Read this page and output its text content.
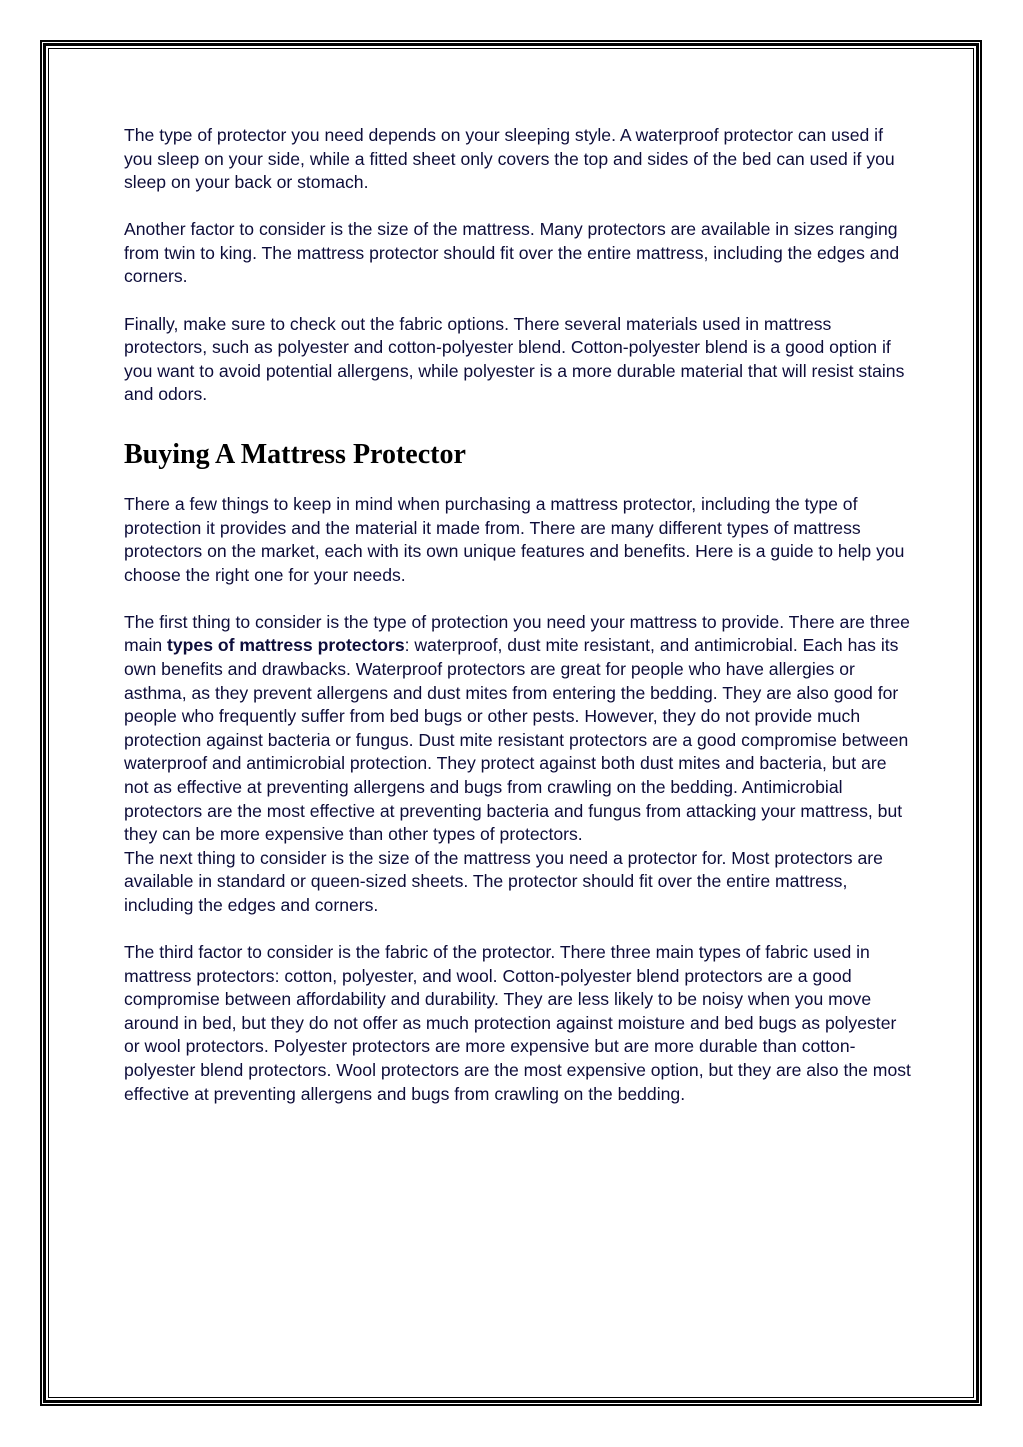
The type of protector you need depends on your sleeping style. A waterproof protector can used if you sleep on your side, while a fitted sheet only covers the top and sides of the bed can used if you sleep on your back or stomach.

Another factor to consider is the size of the mattress. Many protectors are available in sizes ranging from twin to king. The mattress protector should fit over the entire mattress, including the edges and corners.

Finally, make sure to check out the fabric options. There several materials used in mattress protectors, such as polyester and cotton-polyester blend. Cotton-polyester blend is a good option if you want to avoid potential allergens, while polyester is a more durable material that will resist stains and odors.

Buying A Mattress Protector

There a few things to keep in mind when purchasing a mattress protector, including the type of protection it provides and the material it made from. There are many different types of mattress protectors on the market, each with its own unique features and benefits. Here is a guide to help you choose the right one for your needs.

The first thing to consider is the type of protection you need your mattress to provide. There are three main types of mattress protectors: waterproof, dust mite resistant, and antimicrobial. Each has its own benefits and drawbacks. Waterproof protectors are great for people who have allergies or asthma, as they prevent allergens and dust mites from entering the bedding. They are also good for people who frequently suffer from bed bugs or other pests. However, they do not provide much protection against bacteria or fungus. Dust mite resistant protectors are a good compromise between waterproof and antimicrobial protection. They protect against both dust mites and bacteria, but are not as effective at preventing allergens and bugs from crawling on the bedding. Antimicrobial protectors are the most effective at preventing bacteria and fungus from attacking your mattress, but they can be more expensive than other types of protectors.

The next thing to consider is the size of the mattress you need a protector for. Most protectors are available in standard or queen-sized sheets. The protector should fit over the entire mattress, including the edges and corners.

The third factor to consider is the fabric of the protector. There three main types of fabric used in mattress protectors: cotton, polyester, and wool. Cotton-polyester blend protectors are a good compromise between affordability and durability. They are less likely to be noisy when you move around in bed, but they do not offer as much protection against moisture and bed bugs as polyester or wool protectors. Polyester protectors are more expensive but are more durable than cotton-polyester blend protectors. Wool protectors are the most expensive option, but they are also the most effective at preventing allergens and bugs from crawling on the bedding.
